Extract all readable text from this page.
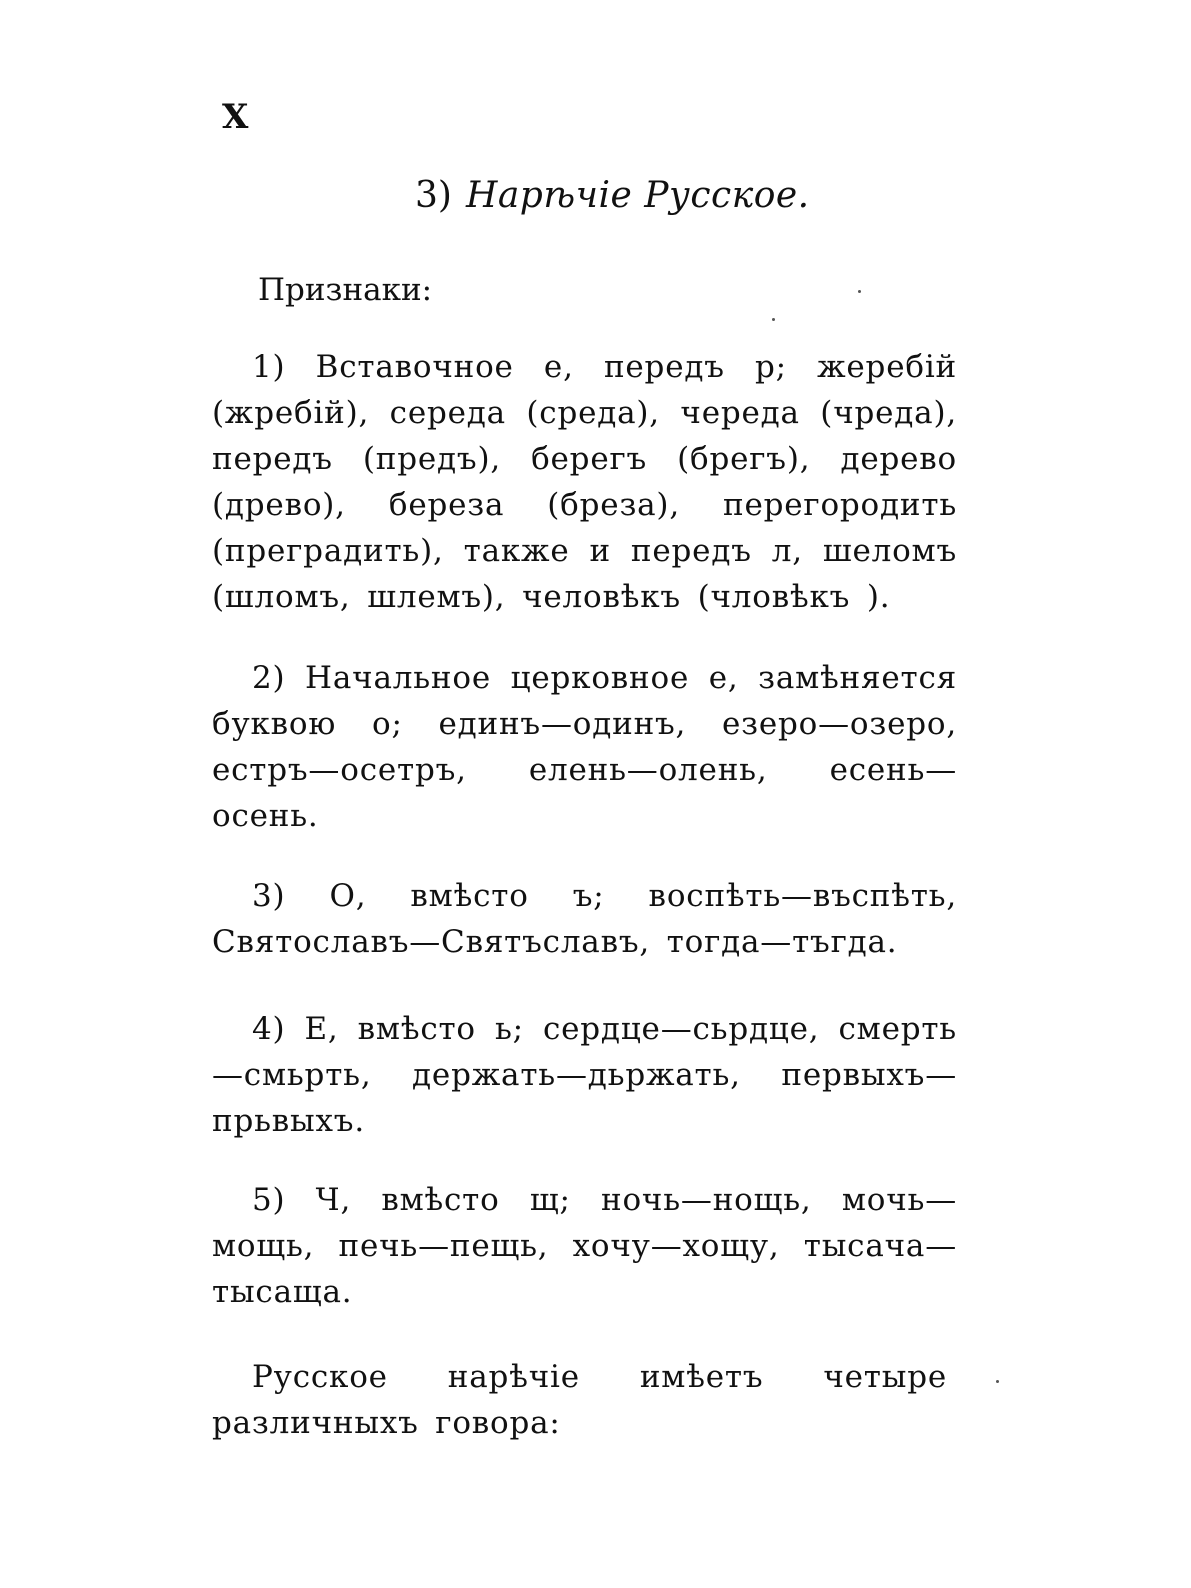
X
3) Нарѣчіе Русское.
Признаки:

1) Вставочное е, передъ р; жеребій (жребій), середа (среда), череда (чреда), передъ (предъ), берегъ (брегъ), дерево (древо), береза (бреза), перегородить (преградить), также и передъ л, шеломъ (шломъ, шлемъ), человѣкъ (чловѣкъ ).

2) Начальное церковное е, замѣняется буквою о; единъ—одинъ, езеро—озеро, еcтръ—осетръ, елень—олень, есень—осень.

3) О, вмѣсто ъ; воспѣть—въспѣть, Святославъ—Святъславъ, тогда—тъгда.

4) Е, вмѣсто ь; сердце—сьрдце, смерть—смьрть, держать—дьржать, первыхъ—прьвыхъ.

5) Ч, вмѣсто щ; ночь—нощь, мочь—мощь, печь—пещь, хочу—хощу, тысача—тысаща.

Русское нарѣчіе имѣетъ четыре различныхъ говора:
